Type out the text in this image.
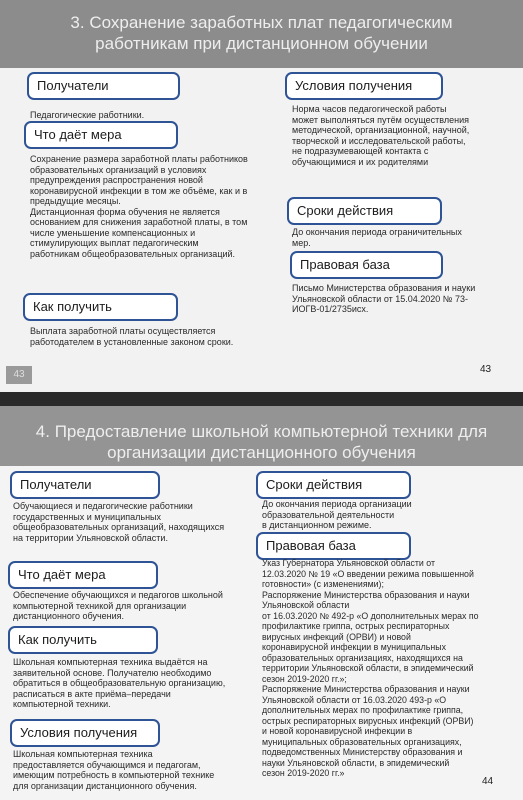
3. Сохранение заработных плат педагогическим
работникам при дистанционном обучении
Получатели
Педагогические работники.
Что даёт мера
Сохранение размера заработной платы работников
образовательных организаций в условиях
предупреждения распространения новой
коронавирусной инфекции в том же объёме, как и в
предыдущие месяцы.
Дистанционная форма обучения не является
основанием для снижения заработной платы, в том
числе уменьшение компенсационных и
стимулирующих выплат педагогическим
работникам общеобразовательных организаций.
Как получить
Выплата заработной платы осуществляется
работодателем в установленные законом сроки.
Условия получения
Норма часов педагогической работы
может выполняться путём осуществления
методической, организационной, научной,
творческой и исследовательской работы,
не подразумевающей контакта с
обучающимися и их родителями
Сроки действия
До окончания периода ограничительных
мер.
Правовая база
Письмо Министерства образования и науки
Ульяновской области от 15.04.2020 № 73-
ИОГВ-01/2735исх.
43	43
4. Предоставление школьной компьютерной техники для
организации дистанционного обучения
Получатели
Обучающиеся и педагогические работники
государственных и муниципальных
общеобразовательных организаций, находящихся
на территории Ульяновской области.
Что даёт мера
Обеспечение обучающихся и педагогов школьной
компьютерной техникой для организации
дистанционного обучения.
Как получить
Школьная компьютерная техника выдаётся на
заявительной основе. Получателю необходимо
обратиться в общеобразовательную организацию,
расписаться в акте приёма–передачи
компьютерной техники.
Условия получения
Школьная компьютерная техника
предоставляется обучающимся и педагогам,
имеющим потребность в компьютерной технике
для организации дистанционного обучения.
Сроки действия
До окончания периода организации
образовательной деятельности
в дистанционном режиме.
Правовая база
Указ Губернатора Ульяновской области от
12.03.2020 № 19 «О введении режима повышенной
готовности» (с изменениями);
Распоряжение Министерства образования и науки
Ульяновской области
от 16.03.2020 № 492-р «О дополнительных мерах по
профилактике гриппа, острых респираторных
вирусных инфекций (ОРВИ) и новой
коронавирусной инфекции в муниципальных
образовательных организациях, находящихся на
территории Ульяновской области, в эпидемический
сезон 2019-2020 гг.»;
Распоряжение Министерства образования и науки
Ульяновской области от 16.03.2020 493-р «О
дополнительных мерах по профилактике гриппа,
острых респираторных вирусных инфекций (ОРВИ)
и новой коронавирусной инфекции в
муниципальных образовательных организациях,
подведомственных Министерству образования и
науки Ульяновской области, в эпидемический
сезон 2019-2020 гг.»
44
